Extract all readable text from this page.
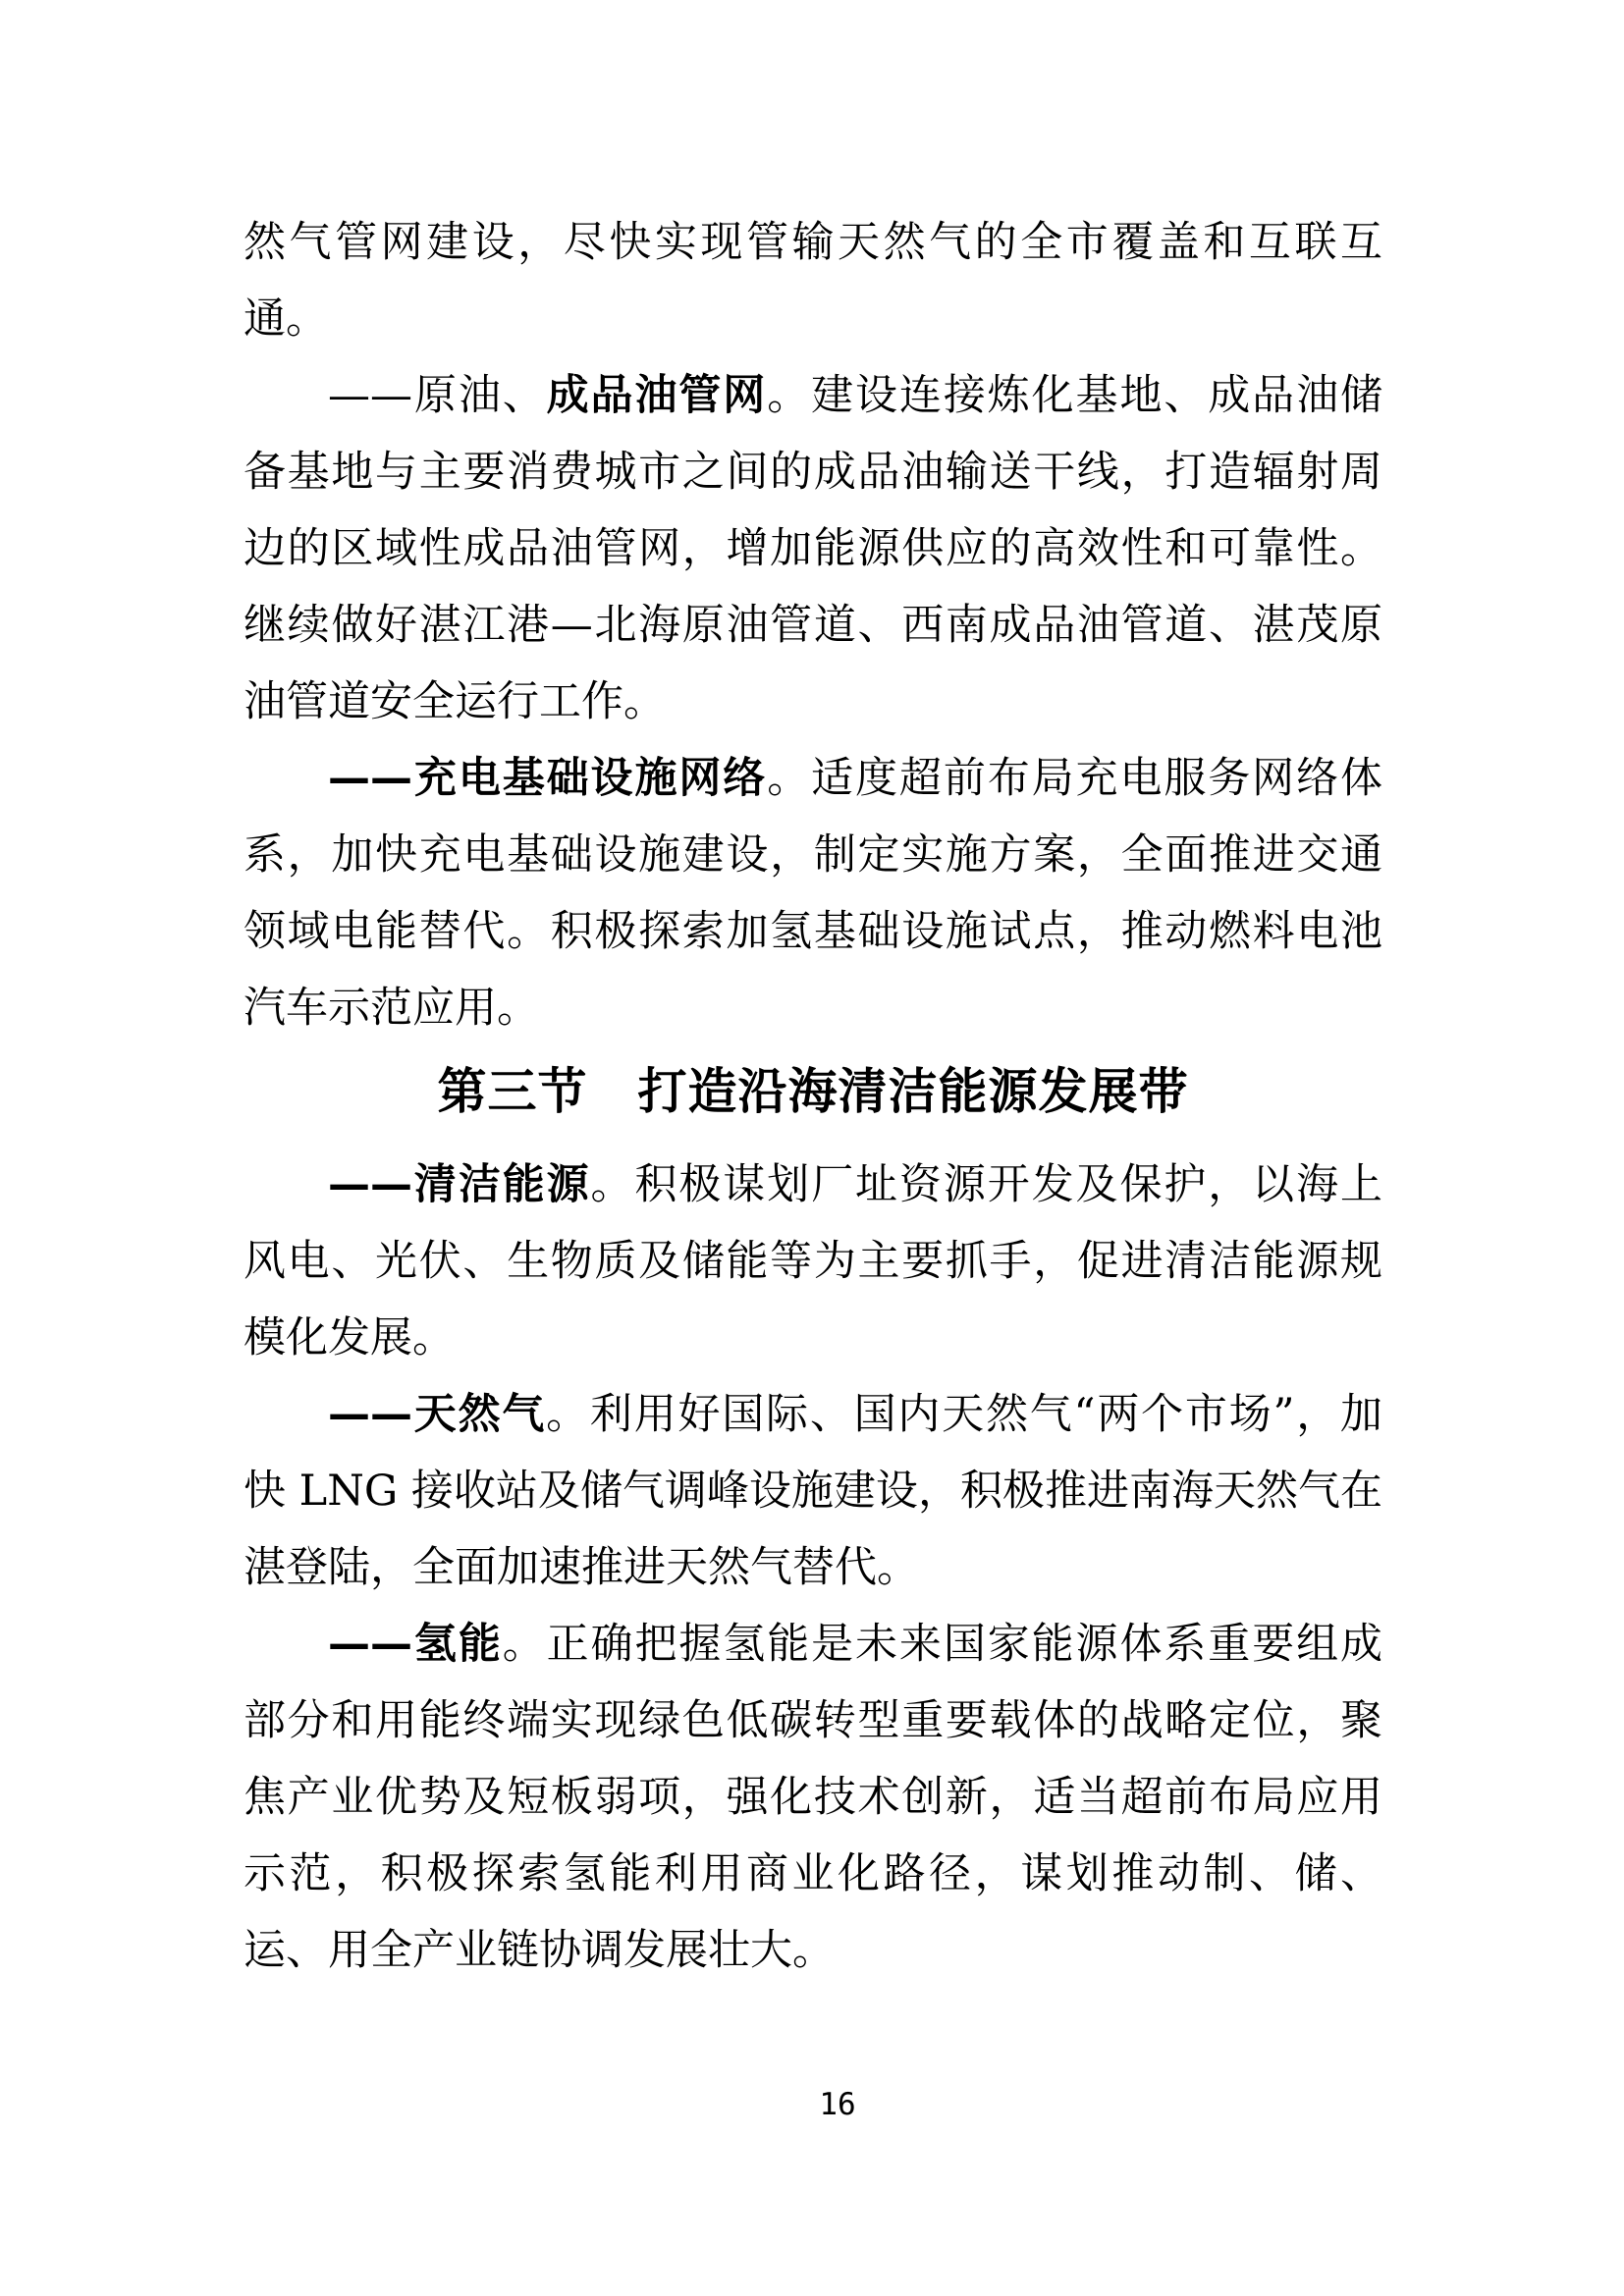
然气管网建设，尽快实现管输天然气的全市覆盖和互联互通。

——原油、成品油管网。建设连接炼化基地、成品油储备基地与主要消费城市之间的成品油输送干线，打造辐射周边的区域性成品油管网，增加能源供应的高效性和可靠性。继续做好湛江港—北海原油管道、西南成品油管道、湛茂原油管道安全运行工作。

——充电基础设施网络。适度超前布局充电服务网络体系，加快充电基础设施建设，制定实施方案，全面推进交通领域电能替代。积极探索加氢基础设施试点，推动燃料电池汽车示范应用。

第三节　打造沿海清洁能源发展带

——清洁能源。积极谋划厂址资源开发及保护，以海上风电、光伏、生物质及储能等为主要抓手，促进清洁能源规模化发展。

——天然气。利用好国际、国内天然气“两个市场”，加快 LNG 接收站及储气调峰设施建设，积极推进南海天然气在湛登陆，全面加速推进天然气替代。

——氢能。正确把握氢能是未来国家能源体系重要组成部分和用能终端实现绿色低碳转型重要载体的战略定位，聚焦产业优势及短板弱项，强化技术创新，适当超前布局应用示范，积极探索氢能利用商业化路径，谋划推动制、储、运、用全产业链协调发展壮大。

16
